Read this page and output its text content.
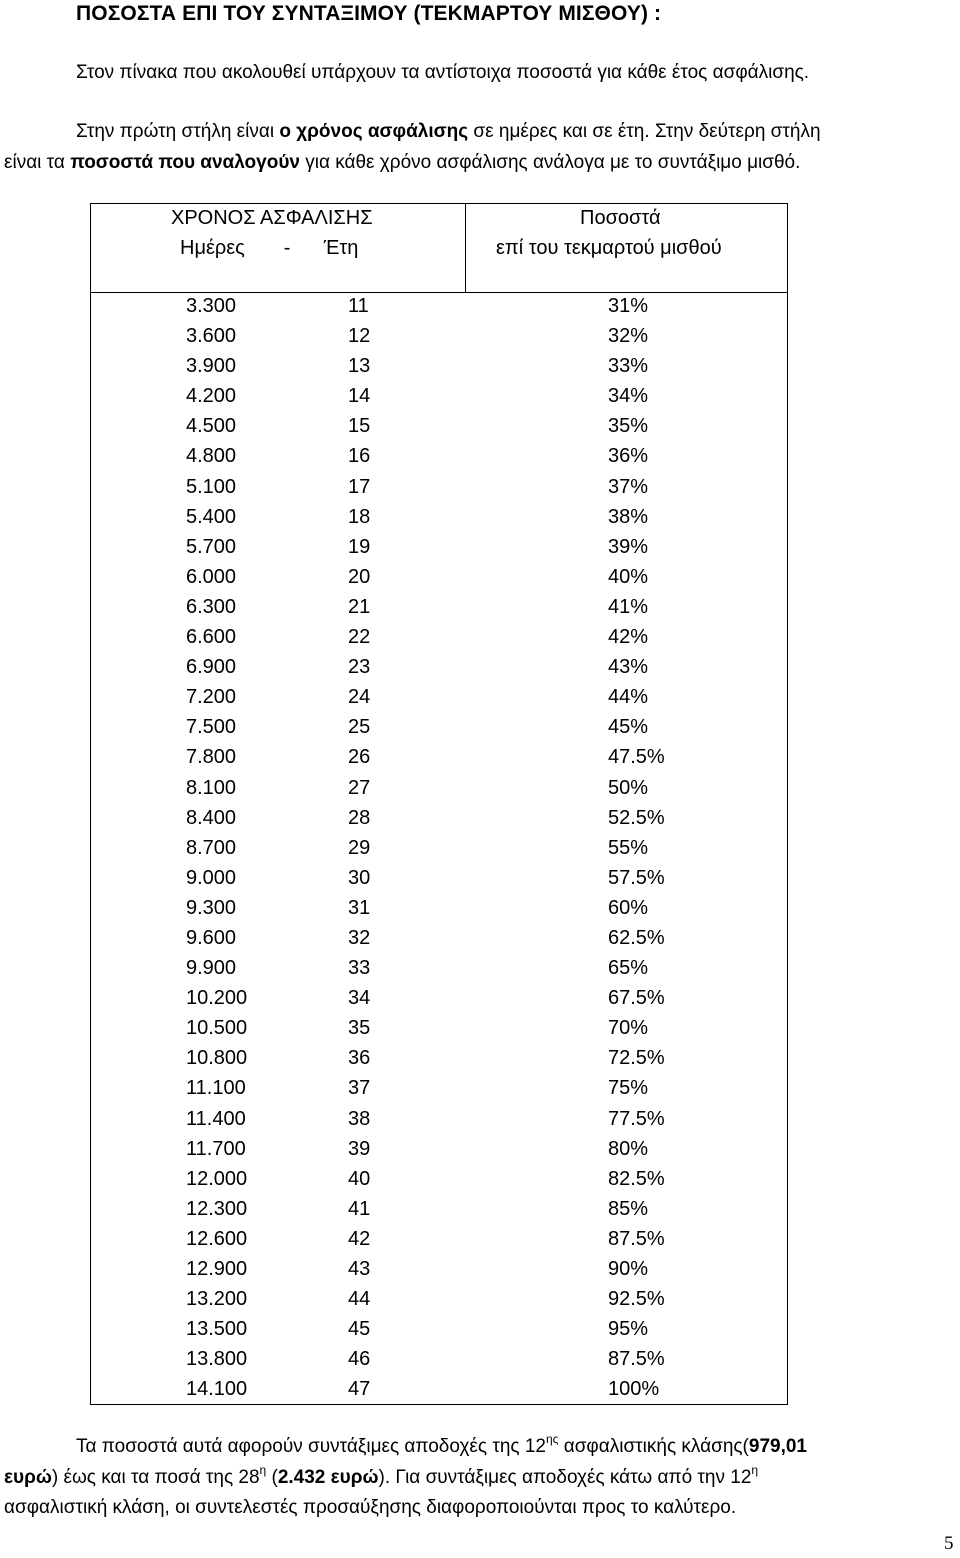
ΠΟΣΟΣΤΑ ΕΠΙ ΤΟΥ ΣΥΝΤΑΞΙΜΟΥ (ΤΕΚΜΑΡΤΟΥ ΜΙΣΘΟΥ) :
Στον πίνακα που ακολουθεί υπάρχουν τα αντίστοιχα ποσοστά για κάθε έτος ασφάλισης.
Στην πρώτη στήλη είναι ο χρόνος ασφάλισης σε ημέρες και σε έτη. Στην δεύτερη στήλη
είναι τα ποσοστά που αναλογούν για κάθε χρόνο ασφάλισης ανάλογα με το συντάξιμο μισθό.
ΧΡΟΝΟΣ ΑΣΦΑΛΙΣΗΣ
Ημέρες       -      Έτη
Ποσοστά
επί του τεκμαρτού μισθού
3.300	11	31%
3.600	12	32%
3.900	13	33%
4.200	14	34%
4.500	15	35%
4.800	16	36%
5.100	17	37%
5.400	18	38%
5.700	19	39%
6.000	20	40%
6.300	21	41%
6.600	22	42%
6.900	23	43%
7.200	24	44%
7.500	25	45%
7.800	26	47.5%
8.100	27	50%
8.400	28	52.5%
8.700	29	55%
9.000	30	57.5%
9.300	31	60%
9.600	32	62.5%
9.900	33	65%
10.200	34	67.5%
10.500	35	70%
10.800	36	72.5%
11.100	37	75%
11.400	38	77.5%
11.700	39	80%
12.000	40	82.5%
12.300	41	85%
12.600	42	87.5%
12.900	43	90%
13.200	44	92.5%
13.500	45	95%
13.800	46	87.5%
14.100	47	100%
Τα ποσοστά αυτά αφορούν συντάξιμες αποδοχές της $12^{\eta\varsigma}$ ασφαλιστικής κλάσης(979,01
ευρώ) έως και τα ποσά της $28^\eta$ (2.432 ευρώ). Για συντάξιμες αποδοχές κάτω από την $12^\eta$
ασφαλιστική κλάση, οι συντελεστές προσαύξησης διαφοροποιούνται προς το καλύτερο.
5
